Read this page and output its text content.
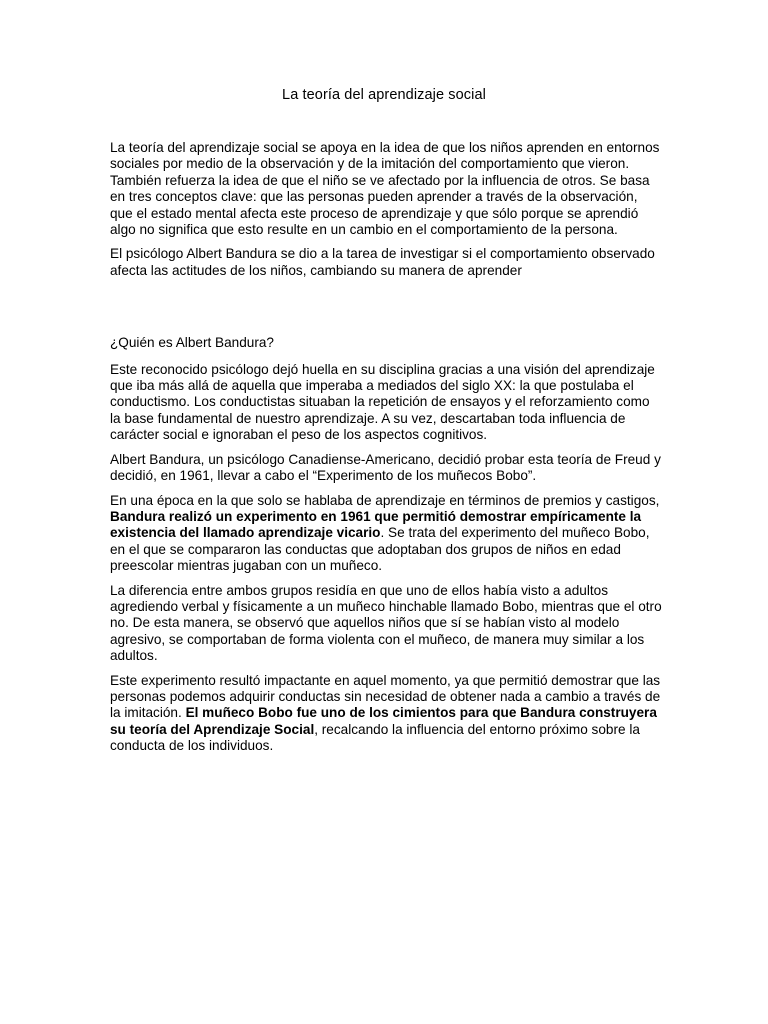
La teoría del aprendizaje social

La teoría del aprendizaje social se apoya en la idea de que los niños aprenden en entornos sociales por medio de la observación y de la imitación del comportamiento que vieron. También refuerza la idea de que el niño se ve afectado por la influencia de otros. Se basa en tres conceptos clave: que las personas pueden aprender a través de la observación, que el estado mental afecta este proceso de aprendizaje y que sólo porque se aprendió algo no significa que esto resulte en un cambio en el comportamiento de la persona.

El psicólogo Albert Bandura se dio a la tarea de investigar si el comportamiento observado afecta las actitudes de los niños, cambiando su manera de aprender

¿Quién es Albert Bandura?

Este reconocido psicólogo dejó huella en su disciplina gracias a una visión del aprendizaje que iba más allá de aquella que imperaba a mediados del siglo XX: la que postulaba el conductismo. Los conductistas situaban la repetición de ensayos y el reforzamiento como la base fundamental de nuestro aprendizaje. A su vez, descartaban toda influencia de carácter social e ignoraban el peso de los aspectos cognitivos.

Albert Bandura, un psicólogo Canadiense-Americano, decidió probar esta teoría de Freud y decidió, en 1961, llevar a cabo el “Experimento de los muñecos Bobo”.

En una época en la que solo se hablaba de aprendizaje en términos de premios y castigos, Bandura realizó un experimento en 1961 que permitió demostrar empíricamente la existencia del llamado aprendizaje vicario. Se trata del experimento del muñeco Bobo, en el que se compararon las conductas que adoptaban dos grupos de niños en edad preescolar mientras jugaban con un muñeco.

La diferencia entre ambos grupos residía en que uno de ellos había visto a adultos agrediendo verbal y físicamente a un muñeco hinchable llamado Bobo, mientras que el otro no. De esta manera, se observó que aquellos niños que sí se habían visto al modelo agresivo, se comportaban de forma violenta con el muñeco, de manera muy similar a los adultos.

Este experimento resultó impactante en aquel momento, ya que permitió demostrar que las personas podemos adquirir conductas sin necesidad de obtener nada a cambio a través de la imitación. El muñeco Bobo fue uno de los cimientos para que Bandura construyera su teoría del Aprendizaje Social, recalcando la influencia del entorno próximo sobre la conducta de los individuos.
